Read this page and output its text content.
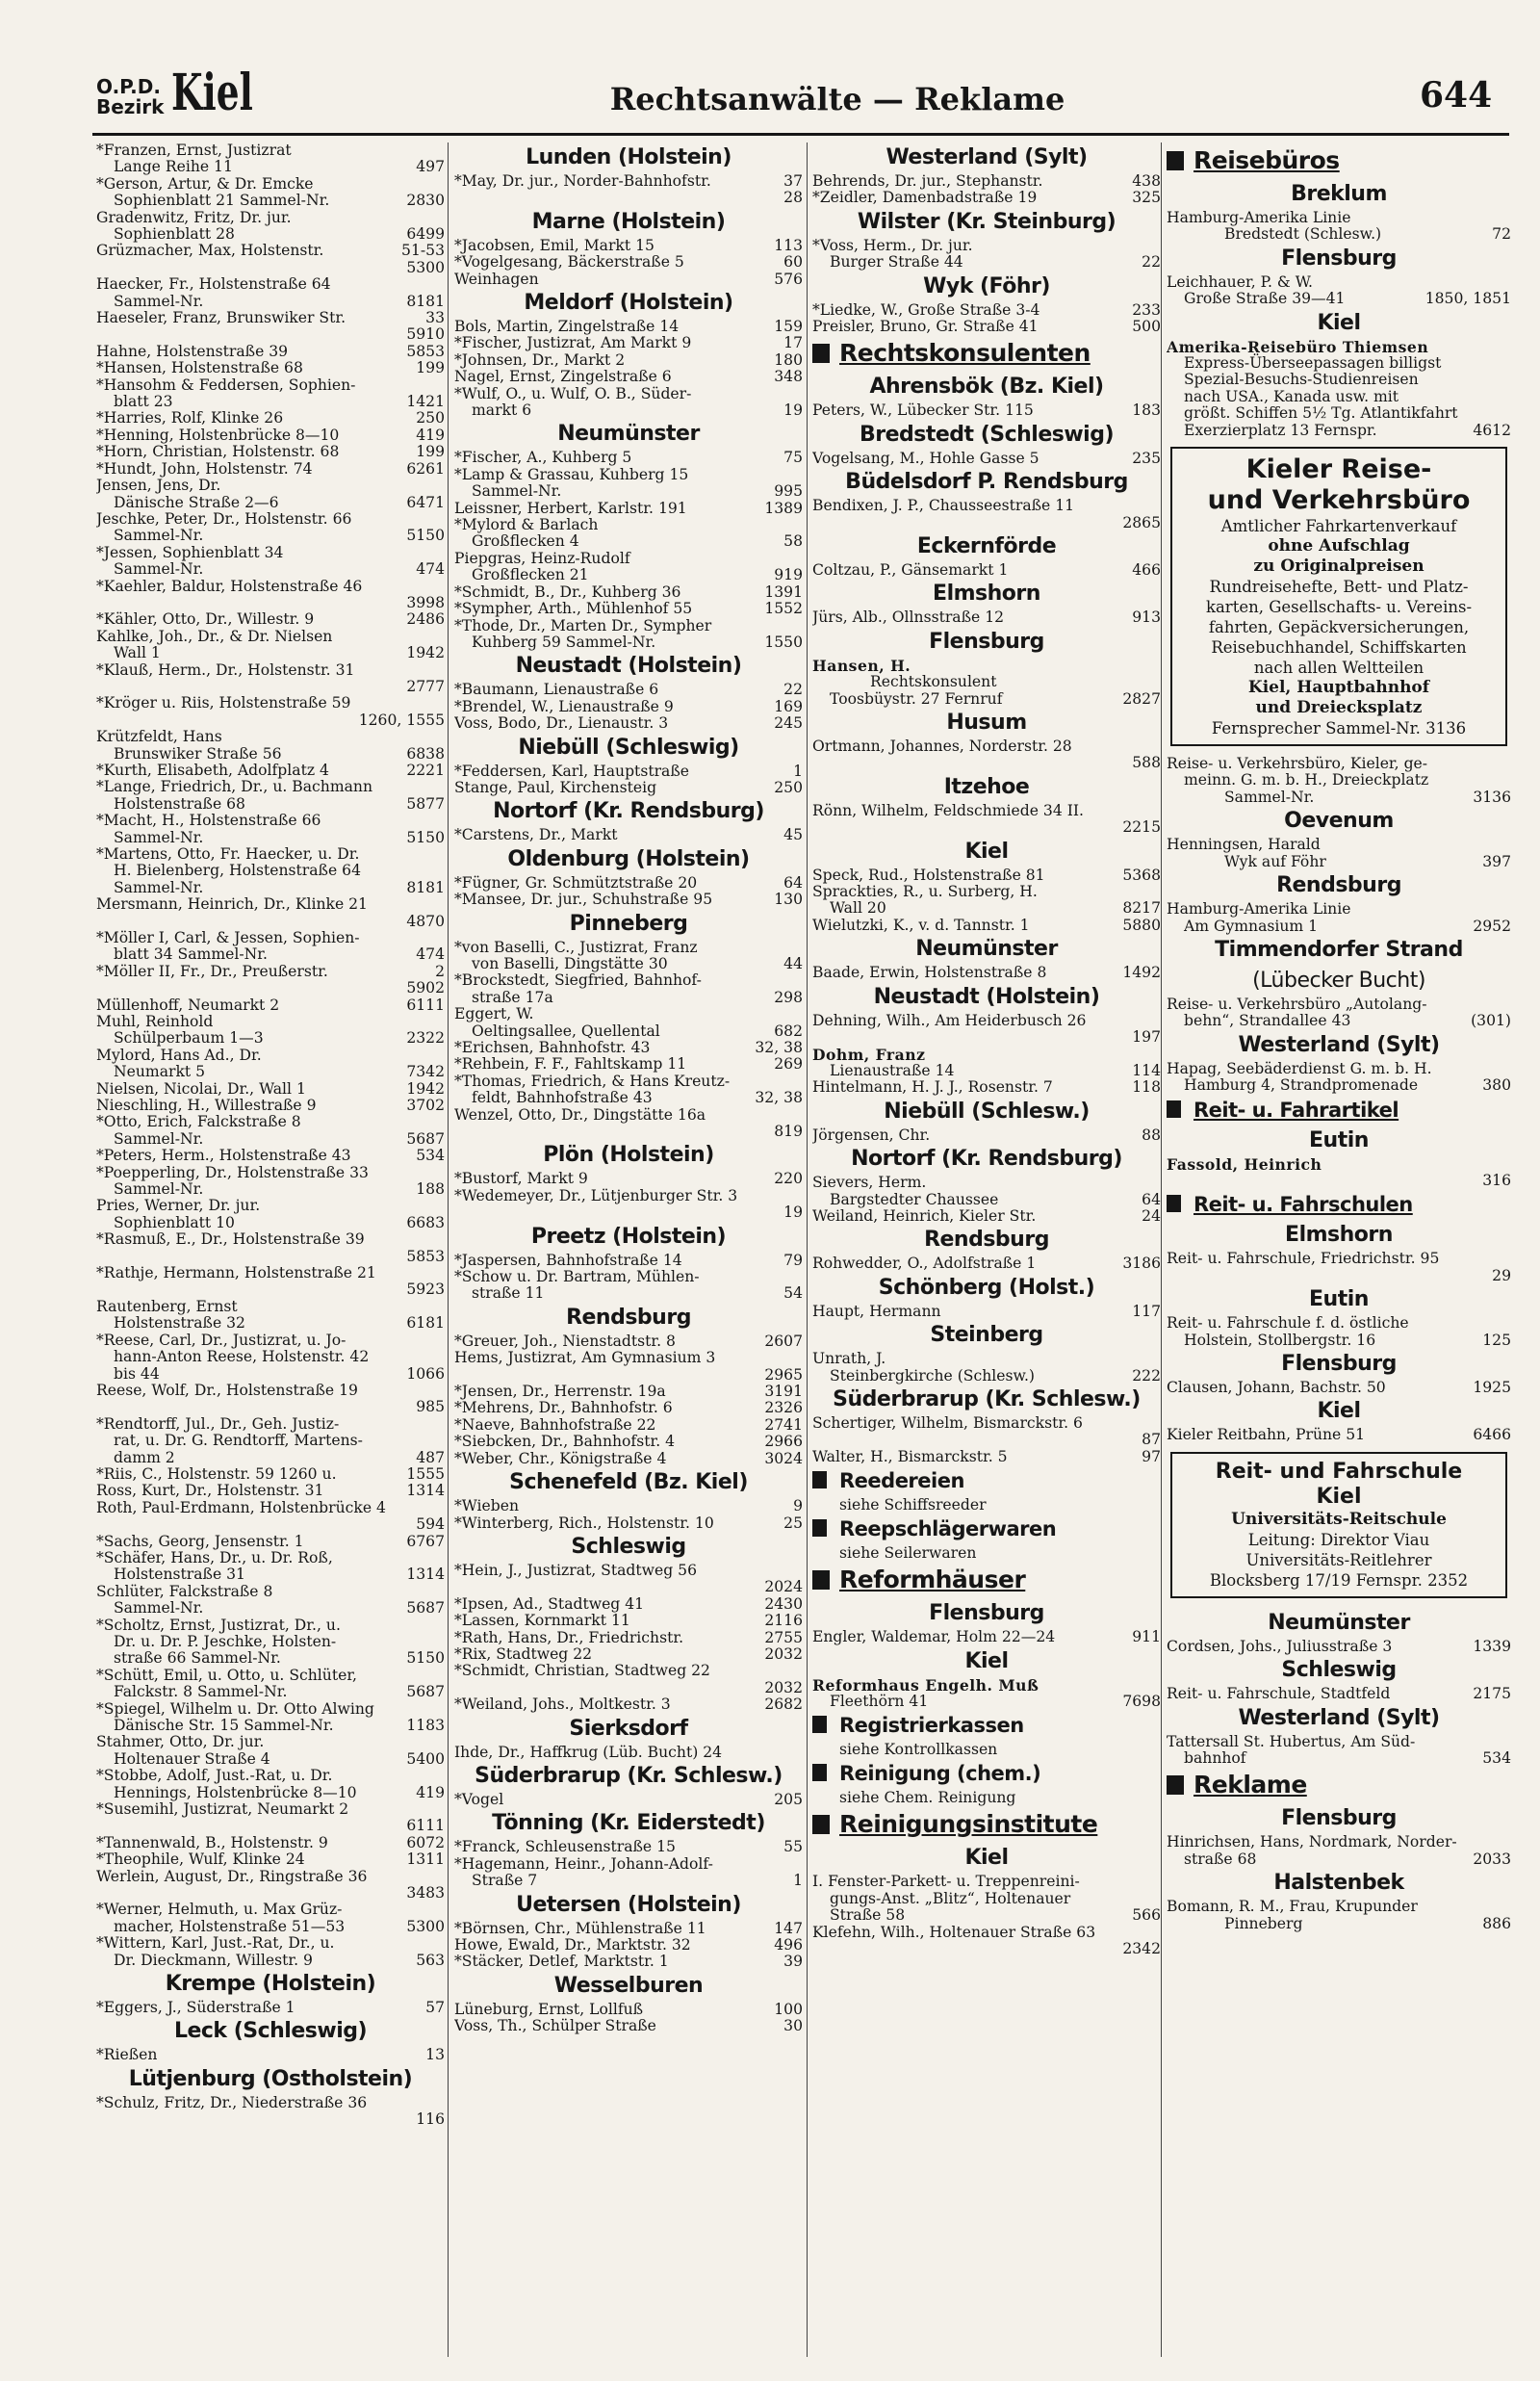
O.P.D.
Bezirk Kiel	Rechtsanwälte — Reklame	644
*Franzen, Ernst, Justizrat
Lange Reihe 11	497
*Gerson, Artur, & Dr. Emcke
Sophienblatt 21 Sammel-Nr.	2830
Gradenwitz, Fritz, Dr. jur.
Sophienblatt 28	6499
Grüzmacher, Max, Holstenstr.	51-53
5300
Haecker, Fr., Holstenstraße 64
Sammel-Nr.	8181
Haeseler, Franz, Brunswiker Str.	33
5910
Hahne, Holstenstraße 39	5853
*Hansen, Holstenstraße 68	199
*Hansohm & Feddersen, Sophien-
blatt 23	1421
*Harries, Rolf, Klinke 26	250
*Henning, Holstenbrücke 8—10	419
*Horn, Christian, Holstenstr. 68	199
*Hundt, John, Holstenstr. 74	6261
Jensen, Jens, Dr.
Dänische Straße 2—6	6471
Jeschke, Peter, Dr., Holstenstr. 66
Sammel-Nr.	5150
*Jessen, Sophienblatt 34
Sammel-Nr.	474
*Kaehler, Baldur, Holstenstraße 46
3998
*Kähler, Otto, Dr., Willestr. 9	2486
Kahlke, Joh., Dr., & Dr. Nielsen
Wall 1	1942
*Klauß, Herm., Dr., Holstenstr. 31
2777
*Kröger u. Riis, Holstenstraße 59
1260, 1555
Krützfeldt, Hans
Brunswiker Straße 56	6838
*Kurth, Elisabeth, Adolfplatz 4	2221
*Lange, Friedrich, Dr., u. Bachmann
Holstenstraße 68	5877
*Macht, H., Holstenstraße 66
Sammel-Nr.	5150
*Martens, Otto, Fr. Haecker, u. Dr.
H. Bielenberg, Holstenstraße 64
Sammel-Nr.	8181
Mersmann, Heinrich, Dr., Klinke 21
4870
*Möller I, Carl, & Jessen, Sophien-
blatt 34 Sammel-Nr.	474
*Möller II, Fr., Dr., Preußerstr.	2
5902
Müllenhoff, Neumarkt 2	6111
Muhl, Reinhold
Schülperbaum 1—3	2322
Mylord, Hans Ad., Dr.
Neumarkt 5	7342
Nielsen, Nicolai, Dr., Wall 1	1942
Nieschling, H., Willestraße 9	3702
*Otto, Erich, Falckstraße 8
Sammel-Nr.	5687
*Peters, Herm., Holstenstraße 43	534
*Poepperling, Dr., Holstenstraße 33
Sammel-Nr.	188
Pries, Werner, Dr. jur.
Sophienblatt 10	6683
*Rasmuß, E., Dr., Holstenstraße 39
5853
*Rathje, Hermann, Holstenstraße 21
5923
Rautenberg, Ernst
Holstenstraße 32	6181
*Reese, Carl, Dr., Justizrat, u. Jo-
hann-Anton Reese, Holstenstr. 42
bis 44	1066
Reese, Wolf, Dr., Holstenstraße 19
985
*Rendtorff, Jul., Dr., Geh. Justiz-
rat, u. Dr. G. Rendtorff, Martens-
damm 2	487
*Riis, C., Holstenstr. 59 1260 u.	1555
Ross, Kurt, Dr., Holstenstr. 31	1314
Roth, Paul-Erdmann, Holstenbrücke 4
594
*Sachs, Georg, Jensenstr. 1	6767
*Schäfer, Hans, Dr., u. Dr. Roß,
Holstenstraße 31	1314
Schlüter, Falckstraße 8
Sammel-Nr.	5687
*Scholtz, Ernst, Justizrat, Dr., u.
Dr. u. Dr. P. Jeschke, Holsten-
straße 66 Sammel-Nr.	5150
*Schütt, Emil, u. Otto, u. Schlüter,
Falckstr. 8 Sammel-Nr.	5687
*Spiegel, Wilhelm u. Dr. Otto Alwing
Dänische Str. 15 Sammel-Nr.	1183
Stahmer, Otto, Dr. jur.
Holtenauer Straße 4	5400
*Stobbe, Adolf, Just.-Rat, u. Dr.
Hennings, Holstenbrücke 8—10	419
*Susemihl, Justizrat, Neumarkt 2
6111
*Tannenwald, B., Holstenstr. 9	6072
*Theophile, Wulf, Klinke 24	1311
Werlein, August, Dr., Ringstraße 36
3483
*Werner, Helmuth, u. Max Grüz-
macher, Holstenstraße 51—53	5300
*Wittern, Karl, Just.-Rat, Dr., u.
Dr. Dieckmann, Willestr. 9	563
Krempe (Holstein)
*Eggers, J., Süderstraße 1	57
Leck (Schleswig)
*Rießen	13
Lütjenburg (Ostholstein)
*Schulz, Fritz, Dr., Niederstraße 36
116
Lunden (Holstein)
*May, Dr. jur., Norder-Bahnhofstr.	37
28
Marne (Holstein)
*Jacobsen, Emil, Markt 15	113
*Vogelgesang, Bäckerstraße 5	60
Weinhagen	576
Meldorf (Holstein)
Bols, Martin, Zingelstraße 14	159
*Fischer, Justizrat, Am Markt 9	17
*Johnsen, Dr., Markt 2	180
Nagel, Ernst, Zingelstraße 6	348
*Wulf, O., u. Wulf, O. B., Süder-
markt 6	19
Neumünster
*Fischer, A., Kuhberg 5	75
*Lamp & Grassau, Kuhberg 15
Sammel-Nr.	995
Leissner, Herbert, Karlstr. 191	1389
*Mylord & Barlach
Großflecken 4	58
Piepgras, Heinz-Rudolf
Großflecken 21	919
*Schmidt, B., Dr., Kuhberg 36	1391
*Sympher, Arth., Mühlenhof 55	1552
*Thode, Dr., Marten Dr., Sympher
Kuhberg 59 Sammel-Nr.	1550
Neustadt (Holstein)
*Baumann, Lienaustraße 6	22
*Brendel, W., Lienaustraße 9	169
Voss, Bodo, Dr., Lienaustr. 3	245
Niebüll (Schleswig)
*Feddersen, Karl, Hauptstraße	1
Stange, Paul, Kirchensteig	250
Nortorf (Kr. Rendsburg)
*Carstens, Dr., Markt	45
Oldenburg (Holstein)
*Fügner, Gr. Schmütztstraße 20	64
*Mansee, Dr. jur., Schuhstraße 95	130
Pinneberg
*von Baselli, C., Justizrat, Franz
von Baselli, Dingstätte 30	44
*Brockstedt, Siegfried, Bahnhof-
straße 17a	298
Eggert, W.
Oeltingsallee, Quellental	682
*Erichsen, Bahnhofstr. 43	32, 38
*Rehbein, F. F., Fahltskamp 11	269
*Thomas, Friedrich, & Hans Kreutz-
feldt, Bahnhofstraße 43	32, 38
Wenzel, Otto, Dr., Dingstätte 16a
819
Plön (Holstein)
*Bustorf, Markt 9	220
*Wedemeyer, Dr., Lütjenburger Str. 3
19
Preetz (Holstein)
*Jaspersen, Bahnhofstraße 14	79
*Schow u. Dr. Bartram, Mühlen-
straße 11	54
Rendsburg
*Greuer, Joh., Nienstadtstr. 8	2607
Hems, Justizrat, Am Gymnasium 3
2965
*Jensen, Dr., Herrenstr. 19a	3191
*Mehrens, Dr., Bahnhofstr. 6	2326
*Naeve, Bahnhofstraße 22	2741
*Siebcken, Dr., Bahnhofstr. 4	2966
*Weber, Chr., Königstraße 4	3024
Schenefeld (Bz. Kiel)
*Wieben	9
*Winterberg, Rich., Holstenstr. 10	25
Schleswig
*Hein, J., Justizrat, Stadtweg 56
2024
*Ipsen, Ad., Stadtweg 41	2430
*Lassen, Kornmarkt 11	2116
*Rath, Hans, Dr., Friedrichstr.	2755
*Rix, Stadtweg 22	2032
*Schmidt, Christian, Stadtweg 22
2032
*Weiland, Johs., Moltkestr. 3	2682
Sierksdorf
Ihde, Dr., Haffkrug (Lüb. Bucht) 24
Süderbrarup (Kr. Schlesw.)
*Vogel	205
Tönning (Kr. Eiderstedt)
*Franck, Schleusenstraße 15	55
*Hagemann, Heinr., Johann-Adolf-
Straße 7	1
Uetersen (Holstein)
*Börnsen, Chr., Mühlenstraße 11	147
Howe, Ewald, Dr., Marktstr. 32	496
*Stäcker, Detlef, Marktstr. 1	39
Wesselburen
Lüneburg, Ernst, Lollfuß	100
Voss, Th., Schülper Straße	30
Westerland (Sylt)
Behrends, Dr. jur., Stephanstr.	438
*Zeidler, Damenbadstraße 19	325
Wilster (Kr. Steinburg)
*Voss, Herm., Dr. jur.
Burger Straße 44	22
Wyk (Föhr)
*Liedke, W., Große Straße 3-4	233
Preisler, Bruno, Gr. Straße 41	500
Rechtskonsulenten
Ahrensbök (Bz. Kiel)
Peters, W., Lübecker Str. 115	183
Bredstedt (Schleswig)
Vogelsang, M., Hohle Gasse 5	235
Büdelsdorf P. Rendsburg
Bendixen, J. P., Chausseestraße 11
2865
Eckernförde
Coltzau, P., Gänsemarkt 1	466
Elmshorn
Jürs, Alb., Ollnsstraße 12	913
Flensburg
Hansen, H.
Rechtskonsulent
Toosbüystr. 27 Fernruf	2827
Husum
Ortmann, Johannes, Norderstr. 28
588
Itzehoe
Rönn, Wilhelm, Feldschmiede 34 II.
2215
Kiel
Speck, Rud., Holstenstraße 81	5368
Sprackties, R., u. Surberg, H.
Wall 20	8217
Wielutzki, K., v. d. Tannstr. 1	5880
Neumünster
Baade, Erwin, Holstenstraße 8	1492
Neustadt (Holstein)
Dehning, Wilh., Am Heiderbusch 26
197
Dohm, Franz
Lienaustraße 14	114
Hintelmann, H. J. J., Rosenstr. 7	118
Niebüll (Schlesw.)
Jörgensen, Chr.	88
Nortorf (Kr. Rendsburg)
Sievers, Herm.
Bargstedter Chaussee	64
Weiland, Heinrich, Kieler Str.	24
Rendsburg
Rohwedder, O., Adolfstraße 1	3186
Schönberg (Holst.)
Haupt, Hermann	117
Steinberg
Unrath, J.
Steinbergkirche (Schlesw.)	222
Süderbrarup (Kr. Schlesw.)
Schertiger, Wilhelm, Bismarckstr. 6
87
Walter, H., Bismarckstr. 5	97
Reedereien
siehe Schiffsreeder
Reepschlägerwaren
siehe Seilerwaren
Reformhäuser
Flensburg
Engler, Waldemar, Holm 22—24	911
Kiel
Reformhaus Engelh. Muß
Fleethörn 41	7698
Registrierkassen
siehe Kontrollkassen
Reinigung (chem.)
siehe Chem. Reinigung
Reinigungsinstitute
Kiel
I. Fenster-Parkett- u. Treppenreini-
gungs-Anst. „Blitz“, Holtenauer
Straße 58	566
Klefehn, Wilh., Holtenauer Straße 63
2342
Reisebüros
Breklum
Hamburg-Amerika Linie
Bredstedt (Schlesw.)	72
Flensburg
Leichhauer, P. & W.
Große Straße 39—41	1850, 1851
Kiel
Amerika-Reisebüro Thiemsen
Express-Überseepassagen billigst
Spezial-Besuchs-Studienreisen
nach USA., Kanada usw. mit
größt. Schiffen 5½ Tg. Atlantikfahrt
Exerzierplatz 13 Fernspr.	4612
Kieler Reise-
und Verkehrsbüro
Amtlicher Fahrkartenverkauf
ohne Aufschlag
zu Originalpreisen
Rundreisehefte, Bett- und Platz-
karten, Gesellschafts- u. Vereins-
fahrten, Gepäckversicherungen,
Reisebuchhandel, Schiffskarten
nach allen Weltteilen
Kiel, Hauptbahnhof
und Dreiecksplatz
Fernsprecher Sammel-Nr. 3136
Reise- u. Verkehrsbüro, Kieler, ge-
meinn. G. m. b. H., Dreieckplatz
Sammel-Nr.	3136
Oevenum
Henningsen, Harald
Wyk auf Föhr	397
Rendsburg
Hamburg-Amerika Linie
Am Gymnasium 1	2952
Timmendorfer Strand
(Lübecker Bucht)
Reise- u. Verkehrsbüro „Autolang-
behn“, Strandallee 43	(301)
Westerland (Sylt)
Hapag, Seebäderdienst G. m. b. H.
Hamburg 4, Strandpromenade	380
Reit- u. Fahrartikel
Eutin
Fassold, Heinrich
316
Reit- u. Fahrschulen
Elmshorn
Reit- u. Fahrschule, Friedrichstr. 95
29
Eutin
Reit- u. Fahrschule f. d. östliche
Holstein, Stollbergstr. 16	125
Flensburg
Clausen, Johann, Bachstr. 50	1925
Kiel
Kieler Reitbahn, Prüne 51	6466
Reit- und Fahrschule
Kiel
Universitäts-Reitschule
Leitung: Direktor Viau
Universitäts-Reitlehrer
Blocksberg 17/19 Fernspr. 2352
Neumünster
Cordsen, Johs., Juliusstraße 3	1339
Schleswig
Reit- u. Fahrschule, Stadtfeld	2175
Westerland (Sylt)
Tattersall St. Hubertus, Am Süd-
bahnhof	534
Reklame
Flensburg
Hinrichsen, Hans, Nordmark, Norder-
straße 68	2033
Halstenbek
Bomann, R. M., Frau, Krupunder
Pinneberg	886
